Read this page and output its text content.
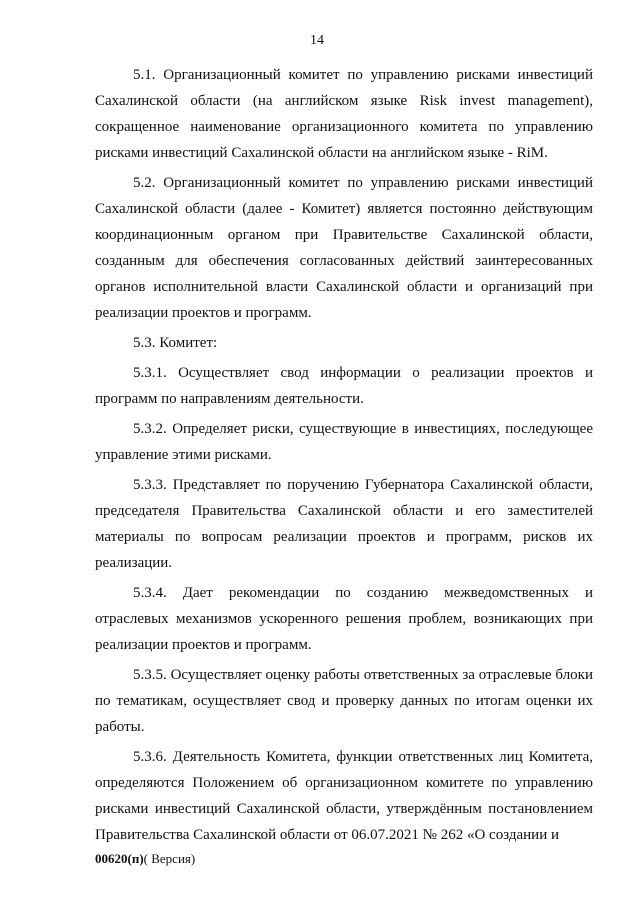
14

5.1. Организационный комитет по управлению рисками инвестиций Сахалинской области (на английском языке Risk invest management), сокращенное наименование организационного комитета по управлению рисками инвестиций Сахалинской области на английском языке - RiM.

5.2. Организационный комитет по управлению рисками инвестиций Сахалинской области (далее - Комитет) является постоянно действующим координационным органом при Правительстве Сахалинской области, созданным для обеспечения согласованных действий заинтересованных органов исполнительной власти Сахалинской области и организаций при реализации проектов и программ.

5.3. Комитет:

5.3.1. Осуществляет свод информации о реализации проектов и программ по направлениям деятельности.

5.3.2. Определяет риски, существующие в инвестициях, последующее управление этими рисками.

5.3.3. Представляет по поручению Губернатора Сахалинской области, председателя Правительства Сахалинской области и его заместителей материалы по вопросам реализации проектов и программ, рисков их реализации.

5.3.4. Дает рекомендации по созданию межведомственных и отраслевых механизмов ускоренного решения проблем, возникающих при реализации проектов и программ.

5.3.5. Осуществляет оценку работы ответственных за отраслевые блоки по тематикам, осуществляет свод и проверку данных по итогам оценки их работы.

5.3.6. Деятельность Комитета, функции ответственных лиц Комитета, определяются Положением об организационном комитете по управлению рисками инвестиций Сахалинской области, утверждённым постановлением Правительства Сахалинской области от 06.07.2021 № 262 «О создании и

00620(п)( Версия)
